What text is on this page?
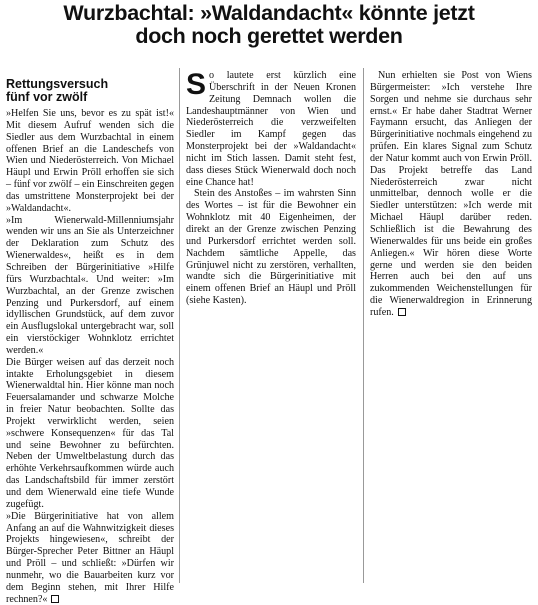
Wurzbachtal: »Waldandacht« könnte jetzt
doch noch gerettet werden
Rettungsversuch
fünf vor zwölf

»Helfen Sie uns, bevor es zu spät ist!« Mit diesem Aufruf wenden sich die Siedler aus dem Wurzbachtal in einem offenen Brief an die Landeschefs von Wien und Niederösterreich. Von Michael Häupl und Erwin Pröll erhoffen sie sich – fünf vor zwölf – ein Einschreiten gegen das umstrittene Monsterprojekt bei der »Waldandacht«.

»Im Wienerwald-Millenniumsjahr wenden wir uns an Sie als Unterzeichner der Deklaration zum Schutz des Wienerwaldes«, heißt es in dem Schreiben der Bürgerinitiative »Hilfe fürs Wurzbachtal«. Und weiter: »Im Wurzbachtal, an der Grenze zwischen Penzing und Purkersdorf, auf einem idyllischen Grundstück, auf dem zuvor ein Ausflugslokal untergebracht war, soll ein vierstöckiger Wohnklotz errichtet werden.«

Die Bürger weisen auf das derzeit noch intakte Erholungsgebiet in diesem Wienerwaldtal hin. Hier könne man noch Feuersalamander und schwarze Molche in freier Natur beobachten. Sollte das Projekt verwirklicht werden, seien »schwere Konsequenzen« für das Tal und seine Bewohner zu befürchten. Neben der Umweltbelastung durch das erhöhte Verkehrsaufkommen würde auch das Landschaftsbild für immer zerstört und dem Wienerwald eine tiefe Wunde zugefügt.

»Die Bürgerinitiative hat von allem Anfang an auf die Wahnwitzigkeit dieses Projekts hingewiesen«, schreibt der Bürger-Sprecher Peter Bittner an Häupl und Pröll – und schließt: »Dürfen wir nunmehr, wo die Bauarbeiten kurz vor dem Beginn stehen, mit Ihrer Hilfe rechnen?«

So lautete erst kürzlich eine Überschrift in der Neuen Kronen Zeitung Demnach wollen die Landeshauptmänner von Wien und Niederösterreich die verzweifelten Siedler im Kampf gegen das Monsterprojekt bei der »Waldandacht« nicht im Stich lassen. Damit steht fest, dass dieses Stück Wienerwald doch noch eine Chance hat!

Stein des Anstoßes – im wahrsten Sinn des Wortes – ist für die Bewohner ein Wohnklotz mit 40 Eigenheimen, der direkt an der Grenze zwischen Penzing und Purkersdorf errichtet werden soll. Nachdem sämtliche Appelle, das Grünjuwel nicht zu zerstören, verhallten, wandte sich die Bürgerinitiative mit einem offenen Brief an Häupl und Pröll (siehe Kasten).

Nun erhielten sie Post von Wiens Bürgermeister: »Ich verstehe Ihre Sorgen und nehme sie durchaus sehr ernst.« Er habe daher Stadtrat Werner Faymann ersucht, das Anliegen der Bürgerinitiative nochmals eingehend zu prüfen. Ein klares Signal zum Schutz der Natur kommt auch von Erwin Pröll. Das Projekt betreffe das Land Niederösterreich zwar nicht unmittelbar, dennoch wolle er die Siedler unterstützen: »Ich werde mit Michael Häupl darüber reden. Schließlich ist die Bewahrung des Wienerwaldes für uns beide ein großes Anliegen.« Wir hören diese Worte gerne und werden sie den beiden Herren auch bei den auf uns zukommenden Weichenstellungen für die Wienerwaldregion in Erinnerung rufen.
